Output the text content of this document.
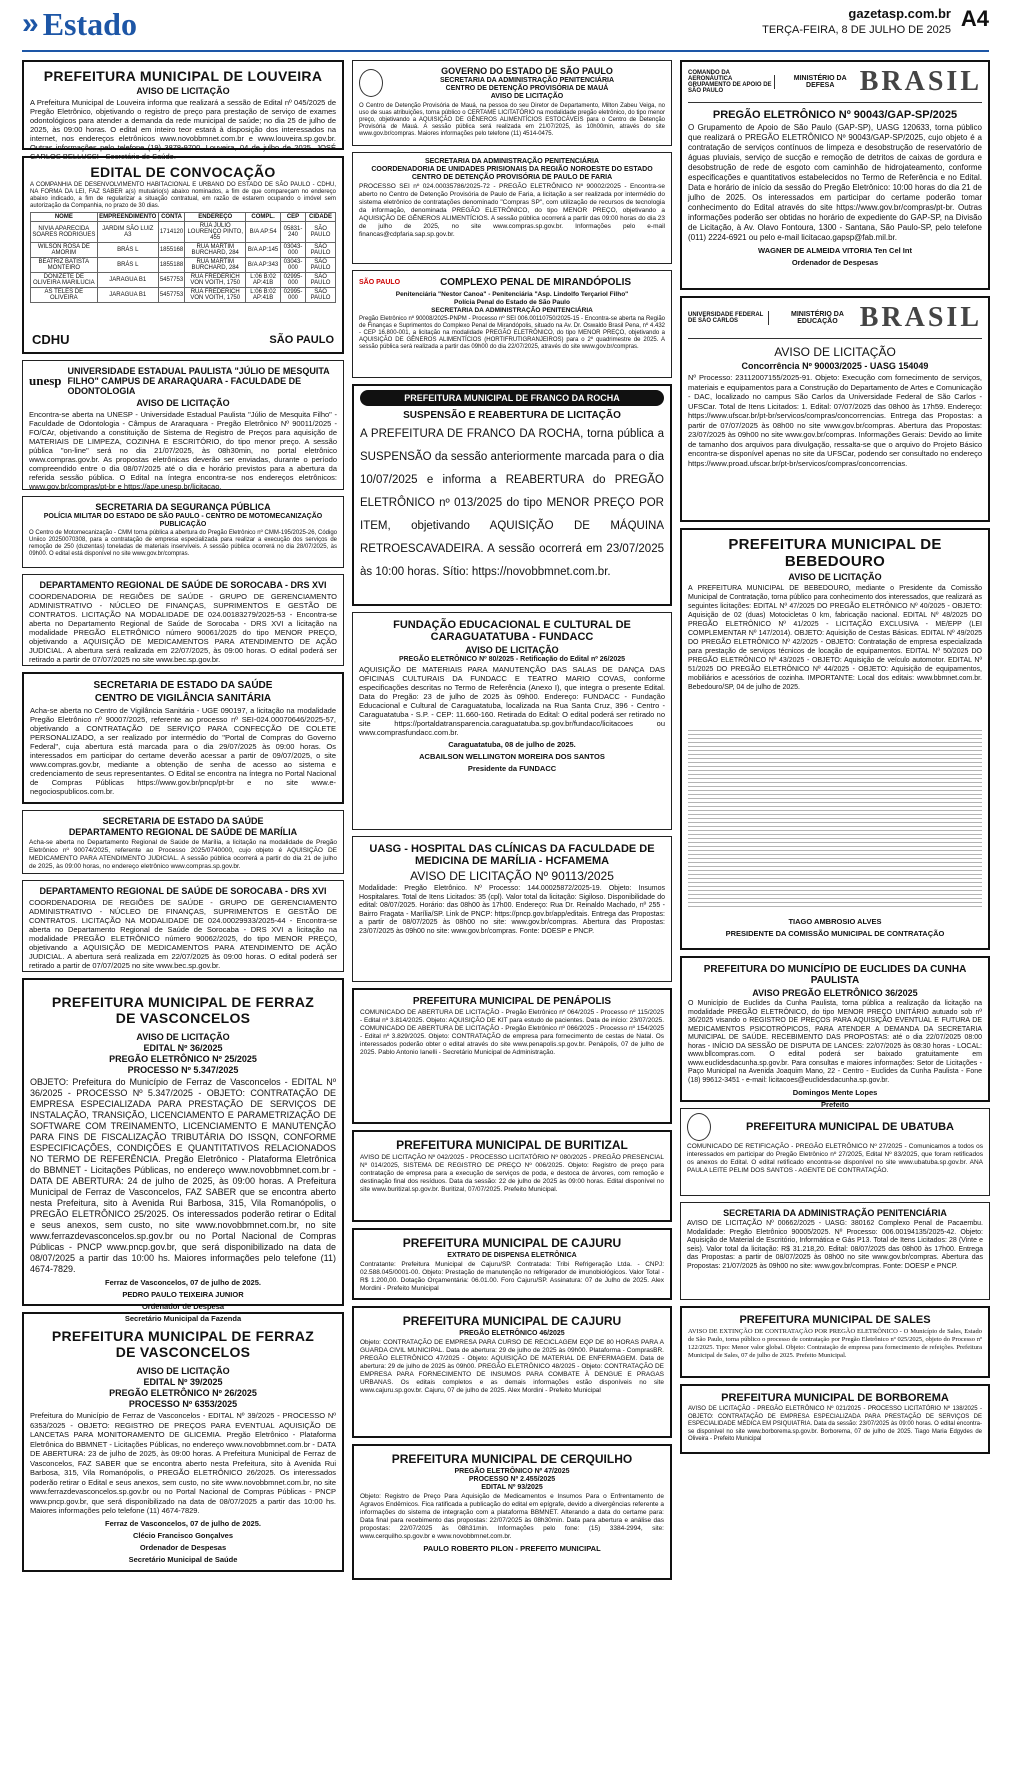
» Estado	gazetasp.com.br
TERÇA-FEIRA, 8 DE JULHO DE 2025 A4
PREFEITURA MUNICIPAL DE LOUVEIRA
AVISO DE LICITAÇÃO

A Prefeitura Municipal de Louveira informa que realizará a sessão de Edital nº 045/2025 de Pregão Eletrônico, objetivando o registro de preço para prestação de serviço de exames odontológicos para atender a demanda da rede municipal de saúde; no dia 25 de julho de 2025, às 09:00 horas. O edital em inteiro teor estará à disposição dos interessados na internet, nos endereços eletrônicos www.novobbmnet.com.br e www.louveira.sp.gov.br. Outras informações pelo telefone (19) 3878-9700. Louveira, 04 de julho de 2025. JOSÉ CARLOS BELLUSSI - Secretário de Saúde.

EDITAL DE CONVOCAÇÃO

A COMPANHIA DE DESENVOLVIMENTO HABITACIONAL E URBANO DO ESTADO DE SÃO PAULO - CDHU, NA FORMA DA LEI, FAZ SABER a(s) mutuário(s) abaixo nominados, a fim de que compareçam no endereço abaixo indicado, a fim de regularizar a situação contratual, em razão de estarem ocupando o imóvel sem autorização da Companhia, no prazo de 30 dias.

NOME	EMPREENDIMENTO	CONTA	ENDEREÇO	COMPL.	CEP	CIDADE
NIVIA APARECIDA SOARES RODRIGUES	JARDIM SÃO LUIZ A3	1714120	RUA JULIO LOURENÇO PINTO, 455	B/A AP:54	05831-240	SÃO PAULO
WILSON ROSA DE AMORIM	BRÁS L	1855168	RUA MARTIM BURCHARD, 284	B/A AP:145	03043-000	SÃO PAULO
BEATRIZ BATISTA MONTEIRO	BRÁS L	1855188	RUA MARTIM BURCHARD, 284	B/A AP:343	03043-000	SÃO PAULO
DONIZETE DE OLIVEIRA MARILUCIA	JARAGUA B1	5457753	RUA FREDERICH VON VOITH, 1750	L:06 B:02 AP:41B	02995-000	SÃO PAULO
AS TELES DE OLIVEIRA	JARAGUA B1	5457753	RUA FREDERICH VON VOITH, 1750	L:06 B:02 AP:41B	02995-000	SÃO PAULO
CDHU	SÃO PAULO
unesp
UNIVERSIDADE ESTADUAL PAULISTA "JÚLIO DE MESQUITA FILHO" CAMPUS DE ARARAQUARA - FACULDADE DE ODONTOLOGIA
AVISO DE LICITAÇÃO

Encontra-se aberta na UNESP - Universidade Estadual Paulista "Júlio de Mesquita Filho" - Faculdade de Odontologia - Câmpus de Araraquara - Pregão Eletrônico Nº 90011/2025 - FO/CAr, objetivando a constituição de Sistema de Registro de Preços para aquisição de MATERIAIS DE LIMPEZA, COZINHA E ESCRITÓRIO, do tipo menor preço. A sessão pública "on-line" será no dia 21/07/2025, às 08h30min, no portal eletrônico www.compras.gov.br. As propostas eletrônicas deverão ser enviadas, durante o período compreendido entre o dia 08/07/2025 até o dia e horário previstos para a abertura da referida sessão pública. O Edital na íntegra encontra-se nos endereços eletrônicos: www.gov.br/compras/pt-br e https://ape.unesp.br/licitacao.

SECRETARIA DA SEGURANÇA PÚBLICA
POLÍCIA MILITAR DO ESTADO DE SÃO PAULO - CENTRO DE MOTOMECANIZAÇÃO
PUBLICAÇÃO

O Centro de Motomecanização - CMM torna pública a abertura do Pregão Eletrônico nº CMM-195/2025-26, Código Uniico 20250070308, para a contratação de empresa especializada para realizar a execução dos serviços de remoção de 250 (duzentas) toneladas de materiais inservíveis. A sessão pública ocorrerá no dia 28/07/2025, às 09h00. O edital está disponível no site www.gov.br/compras.

DEPARTAMENTO REGIONAL DE SAÚDE DE SOROCABA - DRS XVI

COORDENADORIA DE REGIÕES DE SAÚDE - GRUPO DE GERENCIAMENTO ADMINISTRATIVO - NÚCLEO DE FINANÇAS, SUPRIMENTOS E GESTÃO DE CONTRATOS. LICITAÇÃO NA MODALIDADE DE 024.00183279/2025-53 - Encontra-se aberta no Departamento Regional de Saúde de Sorocaba - DRS XVI a licitação na modalidade PREGÃO ELETRÔNICO número 90061/2025 do tipo MENOR PREÇO, objetivando a AQUISIÇÃO DE MEDICAMENTOS PARA ATENDIMENTO DE AÇÃO JUDICIAL. A abertura será realizada em 22/07/2025, às 09:00 horas. O edital poderá ser retirado a partir de 07/07/2025 no site www.bec.sp.gov.br.

SECRETARIA DE ESTADO DA SAÚDE
CENTRO DE VIGILÂNCIA SANITÁRIA

Acha-se aberta no Centro de Vigilância Sanitária - UGE 090197, a licitação na modalidade Pregão Eletrônico nº 90007/2025, referente ao processo nº SEI-024.00070646/2025-57, objetivando a CONTRATAÇÃO DE SERVIÇO PARA CONFECÇÃO DE COLETE PERSONALIZADO, a ser realizado por intermédio do "Portal de Compras do Governo Federal", cuja abertura está marcada para o dia 29/07/2025 às 09:00 horas. Os interessados em participar do certame deverão acessar a partir de 09/07/2025, o site www.compras.gov.br, mediante a obtenção de senha de acesso ao sistema e credenciamento de seus representantes. O Edital se encontra na íntegra no Portal Nacional de Compras Públicas https://www.gov.br/pncp/pt-br e no site www.e-negociospublicos.com.br.

SECRETARIA DE ESTADO DA SAÚDE
DEPARTAMENTO REGIONAL DE SAÚDE DE MARÍLIA

Acha-se aberta no Departamento Regional de Saúde de Marília, a licitação na modalidade de Pregão Eletrônico nº 90074/2025, referente ao Processo 2025/0740000, cujo objeto é AQUISIÇÃO DE MEDICAMENTO PARA ATENDIMENTO JUDICIAL. A sessão pública ocorrerá a partir do dia 21 de julho de 2025, às 09:00 horas, no endereço eletrônico www.compras.sp.gov.br.

DEPARTAMENTO REGIONAL DE SAÚDE DE SOROCABA - DRS XVI

COORDENADORIA DE REGIÕES DE SAÚDE - GRUPO DE GERENCIAMENTO ADMINISTRATIVO - NÚCLEO DE FINANÇAS, SUPRIMENTOS E GESTÃO DE CONTRATOS. LICITAÇÃO NA MODALIDADE DE 024.00029933/2025-44 - Encontra-se aberta no Departamento Regional de Saúde de Sorocaba - DRS XVI a licitação na modalidade PREGÃO ELETRÔNICO número 90062/2025, do tipo MENOR PREÇO, objetivando a AQUISIÇÃO DE MEDICAMENTOS PARA ATENDIMENTO DE AÇÃO JUDICIAL. A abertura será realizada em 22/07/2025 às 09:00 horas. O edital poderá ser retirado a partir de 07/07/2025 no site www.bec.sp.gov.br.

PREFEITURA MUNICIPAL DE FERRAZ DE VASCONCELOS
AVISO DE LICITAÇÃO
EDITAL Nº 36/2025
PREGÃO ELETRÔNICO Nº 25/2025
PROCESSO Nº 5.347/2025

OBJETO: Prefeitura do Município de Ferraz de Vasconcelos - EDITAL Nº 36/2025 - PROCESSO Nº 5.347/2025 - OBJETO: CONTRATAÇÃO DE EMPRESA ESPECIALIZADA PARA PRESTAÇÃO DE SERVIÇOS DE INSTALAÇÃO, TRANSIÇÃO, LICENCIAMENTO E PARAMETRIZAÇÃO DE SOFTWARE COM TREINAMENTO, LICENCIAMENTO E MANUTENÇÃO PARA FINS DE FISCALIZAÇÃO TRIBUTÁRIA DO ISSQN, CONFORME ESPECIFICAÇÕES, CONDIÇÕES E QUANTITATIVOS RELACIONADOS NO TERMO DE REFERÊNCIA. Pregão Eletrônico - Plataforma Eletrônica do BBMNET - Licitações Públicas, no endereço www.novobbmnet.com.br - DATA DE ABERTURA: 24 de julho de 2025, às 09:00 horas. A Prefeitura Municipal de Ferraz de Vasconcelos, FAZ SABER que se encontra aberto nesta Prefeitura, sito à Avenida Rui Barbosa, 315, Vila Romanópolis, o PREGÃO ELETRÔNICO 25/2025. Os interessados poderão retirar o Edital e seus anexos, sem custo, no site www.novobbmnet.com.br, no site www.ferrazdevasconcelos.sp.gov.br ou no Portal Nacional de Compras Públicas - PNCP www.pncp.gov.br, que será disponibilizado na data de 08/07/2025 a partir das 10:00 hs. Maiores informações pelo telefone (11) 4674-7829.

Ferraz de Vasconcelos, 07 de julho de 2025.
PEDRO PAULO TEIXEIRA JUNIOR
Ordenador de Despesa
Secretário Municipal da Fazenda
PREFEITURA MUNICIPAL DE FERRAZ DE VASCONCELOS
AVISO DE LICITAÇÃO
EDITAL Nº 39/2025
PREGÃO ELETRÔNICO Nº 26/2025
PROCESSO Nº 6353/2025

Prefeitura do Município de Ferraz de Vasconcelos - EDITAL Nº 39/2025 - PROCESSO Nº 6353/2025 - OBJETO: REGISTRO DE PREÇOS PARA EVENTUAL AQUISIÇÃO DE LANCETAS PARA MONITORAMENTO DE GLICEMIA. Pregão Eletrônico - Plataforma Eletrônica do BBMNET - Licitações Públicas, no endereço www.novobbmnet.com.br - DATA DE ABERTURA: 23 de julho de 2025, às 09:00 horas. A Prefeitura Municipal de Ferraz de Vasconcelos, FAZ SABER que se encontra aberto nesta Prefeitura, sito à Avenida Rui Barbosa, 315, Vila Romanópolis, o PREGÃO ELETRÔNICO 26/2025. Os interessados poderão retirar o Edital e seus anexos, sem custo, no site www.novobbmnet.com.br, no site www.ferrazdevasconcelos.sp.gov.br ou no Portal Nacional de Compras Públicas - PNCP www.pncp.gov.br, que será disponibilizado na data de 08/07/2025 a partir das 10:00 hs. Maiores informações pelo telefone (11) 4674-7829.

Ferraz de Vasconcelos, 07 de julho de 2025.
Clécio Francisco Gonçalves
Ordenador de Despesas
Secretário Municipal de Saúde
GOVERNO DO ESTADO DE SÃO PAULO
SECRETARIA DA ADMINISTRAÇÃO PENITENCIÁRIA
CENTRO DE DETENÇÃO PROVISÓRIA DE MAUÁ
AVISO DE LICITAÇÃO

O Centro de Detenção Provisória de Mauá, na pessoa do seu Diretor de Departamento, Milton Zabeu Veiga, no uso de suas atribuições, torna público o CERTAME LICITATÓRIO na modalidade pregão eletrônico, do tipo menor preço, objetivando a AQUISIÇÃO DE GÊNEROS ALIMENTÍCIOS ESTOCÁVEIS para o Centro de Detenção Provisória de Mauá. A sessão pública será realizada em 21/07/2025, às 10h00min, através do site www.gov.br/compras. Maiores informações pelo telefone (11) 4514-0475.

SECRETARIA DA ADMINISTRAÇÃO PENITENCIÁRIA
COORDENADORIA DE UNIDADES PRISIONAIS DA REGIÃO NOROESTE DO ESTADO
CENTRO DE DETENÇÃO PROVISÓRIA DE PAULO DE FARIA

PROCESSO SEI nº 024.00035786/2025-72 - PREGÃO ELETRÔNICO Nº 90002/2025 - Encontra-se aberto no Centro de Detenção Provisória de Paulo de Faria, a licitação a ser realizada por intermédio do sistema eletrônico de contratações denominado "Compras SP", com utilização de recursos de tecnologia da informação, denominada PREGÃO ELETRÔNICO, do tipo MENOR PREÇO, objetivando a AQUISIÇÃO DE GÊNEROS ALIMENTÍCIOS. A sessão pública ocorrerá a partir das 09:00 horas do dia 23 de julho de 2025, no site www.compras.sp.gov.br. Informações pelo e-mail financas@cdpfaria.sap.sp.gov.br.

SÃO PAULO	COMPLEXO PENAL DE MIRANDÓPOLIS
Penitenciária "Nestor Canoa" - Penitenciária "Asp. Lindolfo Terçariol Filho"
Polícia Penal do Estado de São Paulo
SECRETARIA DA ADMINISTRAÇÃO PENITENCIÁRIA

Pregão Eletrônico nº 90008/2025-PNPM - Processo nº SEI 006.00110750/2025-15 - Encontra-se aberta na Região de Finanças e Suprimentos do Complexo Penal de Mirandópolis, situado na Av. Dr. Oswaldo Brasil Pena, nº 4.432 - CEP 16.800-001, a licitação na modalidade PREGÃO ELETRÔNICO, do tipo MENOR PREÇO, objetivando a AQUISIÇÃO DE GÊNEROS ALIMENTÍCIOS (HORTIFRUTIGRANJEIROS) para o 2º quadrimestre de 2025. A sessão pública será realizada a partir das 09h00 do dia 22/07/2025, através do site www.gov.br/compras.

PREFEITURA MUNICIPAL DE FRANCO DA ROCHA
SUSPENSÃO E REABERTURA DE LICITAÇÃO

A PREFEITURA DE FRANCO DA ROCHA, torna pública a SUSPENSÃO da sessão anteriormente marcada para o dia 10/07/2025 e informa a REABERTURA do PREGÃO ELETRÔNICO nº 013/2025 do tipo MENOR PREÇO POR ITEM, objetivando AQUISIÇÃO DE MÁQUINA RETROESCAVADEIRA. A sessão ocorrerá em 23/07/2025 às 10:00 horas. Sítio: https://novobbmnet.com.br.

FUNDAÇÃO EDUCACIONAL E CULTURAL DE CARAGUATATUBA - FUNDACC
AVISO DE LICITAÇÃO
PREGÃO ELETRÔNICO Nº 80/2025 - Retificação do Edital nº 26/2025

AQUISIÇÃO DE MATERIAIS PARA MANUTENÇÃO DAS SALAS DE DANÇA DAS OFICINAS CULTURAIS DA FUNDACC E TEATRO MARIO COVAS, conforme especificações descritas no Termo de Referência (Anexo I), que integra o presente Edital. Data do Pregão: 23 de julho de 2025 às 09h00. Endereço: FUNDACC - Fundação Educacional e Cultural de Caraguatatuba, localizada na Rua Santa Cruz, 396 - Centro - Caraguatatuba - S.P. - CEP: 11.660-160. Retirada do Edital: O edital poderá ser retirado no site https://portaldatransparencia.caraguatatuba.sp.gov.br/fundacc/licitacoes ou www.comprasfundacc.com.br.

Caraguatatuba, 08 de julho de 2025.
ACBAILSON WELLINGTON MOREIRA DOS SANTOS
Presidente da FUNDACC
UASG - HOSPITAL DAS CLÍNICAS DA FACULDADE DE MEDICINA DE MARÍLIA - HCFAMEMA
AVISO DE LICITAÇÃO Nº 90113/2025

Modalidade: Pregão Eletrônico. Nº Processo: 144.00025872/2025-19. Objeto: Insumos Hospitalares. Total de Itens Licitados: 35 (cpl). Valor total da licitação: Sigiloso. Disponibilidade do edital: 08/07/2025. Horário: das 08h00 às 17h00. Endereço: Rua Dr. Reinaldo Machado, nº 255 - Bairro Fragata - Marília/SP. Link de PNCP: https://pncp.gov.br/app/editais. Entrega das Propostas: a partir de 08/07/2025 às 08h00 no site: www.gov.br/compras. Abertura das Propostas: 23/07/2025 às 09h00 no site: www.gov.br/compras. Fonte: DOESP e PNCP.

PREFEITURA MUNICIPAL DE PENÁPOLIS

COMUNICADO DE ABERTURA DE LICITAÇÃO - Pregão Eletrônico nº 064/2025 - Processo nº 115/2025 - Edital nº 3.814/2025. Objeto: AQUISIÇÃO DE KIT para estudo de pacientes. Data de início: 23/07/2025. COMUNICADO DE ABERTURA DE LICITAÇÃO - Pregão Eletrônico nº 066/2025 - Processo nº 154/2025 - Edital nº 3.829/2025. Objeto: CONTRATAÇÃO de empresa para fornecimento de cestas de Natal. Os interessados poderão obter o edital através do site www.penapolis.sp.gov.br. Penápolis, 07 de julho de 2025. Pablo Antonio Ianelli - Secretário Municipal de Administração.

PREFEITURA MUNICIPAL DE BURITIZAL

AVISO DE LICITAÇÃO Nº 042/2025 - PROCESSO LICITATÓRIO Nº 080/2025 - PREGÃO PRESENCIAL Nº 014/2025, SISTEMA DE REGISTRO DE PREÇO Nº 006/2025. Objeto: Registro de preço para contratação de empresa para a execução de serviços de poda, e destoca de árvores, com remoção e destinação final dos resíduos. Data da sessão: 22 de julho de 2025 às 09:00 horas. Edital disponível no site www.buritizal.sp.gov.br. Buritizal, 07/07/2025. Prefeito Municipal.

PREFEITURA MUNICIPAL DE CAJURU
EXTRATO DE DISPENSA ELETRÔNICA

Contratante: Prefeitura Municipal de Cajuru/SP. Contratada: Tribi Refrigeração Ltda. - CNPJ: 02.588.045/0001-00. Objeto: Prestação de manutenção no refrigerador de imunobiológicos. Valor Total - R$ 1.200,00. Dotação Orçamentária: 06.01.00. Foro Cajuru/SP. Assinatura: 07 de Julho de 2025. Alex Mordini - Prefeito Municipal

PREFEITURA MUNICIPAL DE CAJURU
PREGÃO ELETRÔNICO 46/2025

Objeto: CONTRATAÇÃO DE EMPRESA PARA CURSO DE RECICLAGEM EQP DE 80 HORAS PARA A GUARDA CIVIL MUNICIPAL. Data de abertura: 29 de julho de 2025 às 09h00. Plataforma - ComprasBR. PREGÃO ELETRÔNICO 47/2025 - Objeto: AQUISIÇÃO DE MATERIAL DE ENFERMAGEM. Data de abertura: 29 de julho de 2025 às 09h00. PREGÃO ELETRÔNICO 48/2025 - Objeto: CONTRATAÇÃO DE EMPRESA PARA FORNECIMENTO DE INSUMOS PARA COMBATE À DENGUE E PRAGAS URBANAS. Os editais completos e as demais informações estão disponíveis no site www.cajuru.sp.gov.br. Cajuru, 07 de julho de 2025. Alex Mordini - Prefeito Municipal

PREFEITURA MUNICIPAL DE CERQUILHO
PREGÃO ELETRÔNICO Nº 47/2025
PROCESSO Nº 2.455/2025
EDITAL Nº 93/2025

Objeto: Registro de Preço Para Aquisição de Medicamentos e Insumos Para o Enfrentamento de Agravos Endêmicos. Fica ratificada a publicação do edital em epígrafe, devido a divergências referente a informações do sistema de integração com a plataforma BBMNET. Alterando a data do certame para: Data final para recebimento das propostas: 22/07/2025 às 08h30min. Data para abertura e análise das propostas: 22/07/2025 às 08h31min. Informações pelo fone: (15) 3384-2994, site: www.cerquilho.sp.gov.br e www.novobbmnet.com.br.

PAULO ROBERTO PILON - PREFEITO MUNICIPAL
COMANDO DA AERONÁUTICA GRUPAMENTO DE APOIO DE SÃO PAULO
MINISTÉRIO DA DEFESA BRASIL
PREGÃO ELETRÔNICO Nº 90043/GAP-SP/2025

O Grupamento de Apoio de São Paulo (GAP-SP), UASG 120633, torna público que realizará o PREGÃO ELETRÔNICO Nº 90043/GAP-SP/2025, cujo objeto é a contratação de serviços contínuos de limpeza e desobstrução de reservatório de águas pluviais, serviço de sucção e remoção de detritos de caixas de gordura e desobstrução de rede de esgoto com caminhão de hidrojateamento, conforme especificações e quantitativos estabelecidos no Termo de Referência e no Edital. Data e horário de início da sessão do Pregão Eletrônico: 10:00 horas do dia 21 de julho de 2025. Os interessados em participar do certame poderão tomar conhecimento do Edital através do site https://www.gov.br/compras/pt-br. Outras informações poderão ser obtidas no horário de expediente do GAP-SP, na Divisão de Licitação, à Av. Olavo Fontoura, 1300 - Santana, São Paulo-SP, pelo telefone (011) 2224-6921 ou pelo e-mail licitacao.gapsp@fab.mil.br.

WAGNER DE ALMEIDA VITORIA Ten Cel Int
Ordenador de Despesas
UNIVERSIDADE FEDERAL DE SÃO CARLOS
MINISTÉRIO DA EDUCAÇÃO BRASIL
AVISO DE LICITAÇÃO
Concorrência Nº 90003/2025 - UASG 154049

Nº Processo: 23112007155/2025-91. Objeto: Execução com fornecimento de serviços, materiais e equipamentos para a Construção do Departamento de Artes e Comunicação - DAC, localizado no campus São Carlos da Universidade Federal de São Carlos - UFSCar. Total de Itens Licitados: 1. Edital: 07/07/2025 das 08h00 às 17h59. Endereço: https://www.ufscar.br/pt-br/servicos/compras/concorrencias. Entrega das Propostas: a partir de 07/07/2025 às 08h00 no site www.gov.br/compras. Abertura das Propostas: 23/07/2025 às 09h00 no site www.gov.br/compras. Informações Gerais: Devido ao limite de tamanho dos arquivos para divulgação, ressalta-se que o arquivo do Projeto Básico encontra-se disponível apenas no site da UFSCar, podendo ser consultado no endereço https://www.proad.ufscar.br/pt-br/servicos/compras/concorrencias.

PREFEITURA MUNICIPAL DE BEBEDOURO
AVISO DE LICITAÇÃO

A PREFEITURA MUNICIPAL DE BEBEDOURO, mediante o Presidente da Comissão Municipal de Contratação, torna público para conhecimento dos interessados, que realizará as seguintes licitações: EDITAL Nº 47/2025 DO PREGÃO ELETRÔNICO Nº 40/2025 - OBJETO: Aquisição de 02 (duas) Motocicletas 0 km, fabricação nacional. EDITAL Nº 48/2025 DO PREGÃO ELETRÔNICO Nº 41/2025 - LICITAÇÃO EXCLUSIVA - ME/EPP (LEI COMPLEMENTAR Nº 147/2014). OBJETO: Aquisição de Cestas Básicas. EDITAL Nº 49/2025 DO PREGÃO ELETRÔNICO Nº 42/2025 - OBJETO: Contratação de empresa especializada para prestação de serviços técnicos de locação de equipamentos. EDITAL Nº 50/2025 DO PREGÃO ELETRÔNICO Nº 43/2025 - OBJETO: Aquisição de veículo automotor. EDITAL Nº 51/2025 DO PREGÃO ELETRÔNICO Nº 44/2025 - OBJETO: Aquisição de equipamentos, mobiliários e acessórios de cozinha. IMPORTANTE: Local dos editais: www.bbmnet.com.br. Bebedouro/SP, 04 de julho de 2025.

TIAGO AMBROSIO ALVES
PRESIDENTE DA COMISSÃO MUNICIPAL DE CONTRATAÇÃO
PREFEITURA DO MUNICÍPIO DE EUCLIDES DA CUNHA PAULISTA
AVISO PREGÃO ELETRÔNICO 36/2025

O Município de Euclides da Cunha Paulista, torna pública a realização da licitação na modalidade PREGÃO ELETRÔNICO, do tipo MENOR PREÇO UNITÁRIO autuado sob nº 36/2025 visando o REGISTRO DE PREÇOS PARA AQUISIÇÃO EVENTUAL E FUTURA DE MEDICAMENTOS PSICOTRÓPICOS, PARA ATENDER A DEMANDA DA SECRETARIA MUNICIPAL DE SAÚDE. RECEBIMENTO DAS PROPOSTAS: até o dia 22/07/2025 08:00 horas - INÍCIO DA SESSÃO DE DISPUTA DE LANCES: 22/07/2025 às 08:30 horas - LOCAL: www.bllcompras.com. O edital poderá ser baixado gratuitamente em www.euclidesdacunha.sp.gov.br. Para consultas e maiores informações: Setor de Licitações - Paço Municipal na Avenida Joaquim Mano, 22 - Centro - Euclides da Cunha Paulista - Fone (18) 99612-3451 - e-mail: licitacoes@euclidesdacunha.sp.gov.br.

Domingos Mente Lopes
Prefeito
PREFEITURA MUNICIPAL DE UBATUBA

COMUNICADO DE RETIFICAÇÃO - PREGÃO ELETRÔNICO Nº 27/2025 - Comunicamos a todos os interessados em participar do Pregão Eletrônico nº 27/2025, Edital Nº 83/2025, que foram retificados os anexos do Edital. O edital retificado encontra-se disponível no site www.ubatuba.sp.gov.br. ANA PAULA LEITE PELIM DOS SANTOS - AGENTE DE CONTRATAÇÃO.

SECRETARIA DA ADMINISTRAÇÃO PENITENCIÁRIA

AVISO DE LICITAÇÃO Nº 00662/2025 - UASG: 380162 Complexo Penal de Pacaembu. Modalidade: Pregão Eletrônico 90005/2025. Nº Processo: 006.00194135/2025-42. Objeto: Aquisição de Material de Escritório, Informática e Gás P13. Total de Itens Licitados: 28 (Vinte e seis). Valor total da licitação: R$ 31.218,20. Edital: 08/07/2025 das 08h00 às 17h00. Entrega das Propostas: a partir de 08/07/2025 às 08h00 no site www.gov.br/compras. Abertura das Propostas: 21/07/2025 às 09h00 no site: www.gov.br/compras. Fonte: DOESP e PNCP.

PREFEITURA MUNICIPAL DE SALES

AVISO DE EXTINÇÃO DE CONTRATAÇÃO POR PREGÃO ELETRÔNICO - O Município de Sales, Estado de São Paulo, torna público o processo de contratação por Pregão Eletrônico nº 025/2025, objeto do Processo nº 122/2025. Tipo: Menor valor global. Objeto: Contratação de empresa para fornecimento de refeições. Prefeitura Municipal de Sales, 07 de julho de 2025. Prefeito Municipal.

PREFEITURA MUNICIPAL DE BORBOREMA

AVISO DE LICITAÇÃO - PREGÃO ELETRÔNICO Nº 021/2025 - PROCESSO LICITATÓRIO Nº 138/2025 - OBJETO: CONTRATAÇÃO DE EMPRESA ESPECIALIZADA PARA PRESTAÇÃO DE SERVIÇOS DE ESPECIALIDADE MÉDICA EM PSIQUIATRIA. Data da sessão: 23/07/2025 às 09:00 horas. O edital encontra-se disponível no site www.borborema.sp.gov.br. Borborema, 07 de julho de 2025. Tiago Maria Edgydes de Oliveira - Prefeito Municipal
